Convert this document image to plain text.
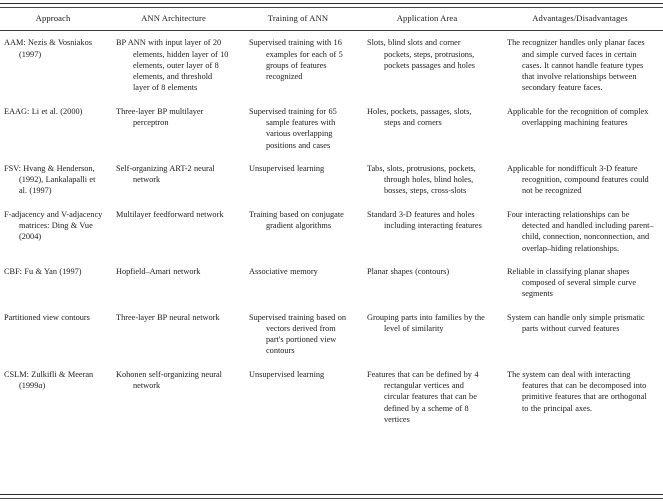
Approach	ANN Architecture	Training of ANN	Application Area	Advantages/Disadvantages
AAM: Nezis & Vosniakos (1997)	BP ANN with input layer of 20 elements, hidden layer of 10 elements, outer layer of 8 elements, and threshold layer of 8 elements	Supervised training with 16 examples for each of 5 groups of features recognized	Slots, blind slots and corner pockets, steps, protrusions, pockets passages and holes	The recognizer handles only planar faces and simple curved faces in certain cases. It cannot handle feature types that involve relationships between secondary feature faces.

EAAG: Li et al. (2000)	Three-layer BP multilayer perceptron	Supervised training for 65 sample features with various overlapping positions and cases	Holes, pockets, passages, slots, steps and corners	Applicable for the recognition of complex overlapping machining features

FSV: Hvang & Henderson, (1992), Lankalapalli et al. (1997)	Self-organizing ART-2 neural network	Unsupervised learning	Tabs, slots, protrusions, pockets, through holes, blind holes, bosses, steps, cross-slots	Applicable for nondifficult 3-D feature recognition, compound features could not be recognized

F-adjacency and V-adjacency matrices: Ding & Vue (2004)	Multilayer feedforward network	Training based on conjugate gradient algorithms	Standard 3-D features and holes including interacting features	Four interacting relationships can be detected and handled including parent–child, connection, nonconnection, and overlap–hiding relationships.

CBF: Fu & Yan (1997)	Hopfield–Amari network	Associative memory	Planar shapes (contours)	Reliable in classifying planar shapes composed of several simple curve segments

Partitioned view contours	Three-layer BP neural network	Supervised training based on vectors derived from part's portioned view contours	Grouping parts into families by the level of similarity	System can handle only simple prismatic parts without curved features

CSLM: Zulkifli & Meeran (1999a)	Kohonen self-organizing neural network	Unsupervised learning	Features that can be defined by 4 rectangular vertices and circular features that can be defined by a scheme of 8 vertices	The system can deal with interacting features that can be decomposed into primitive features that are orthogonal to the principal axes.
